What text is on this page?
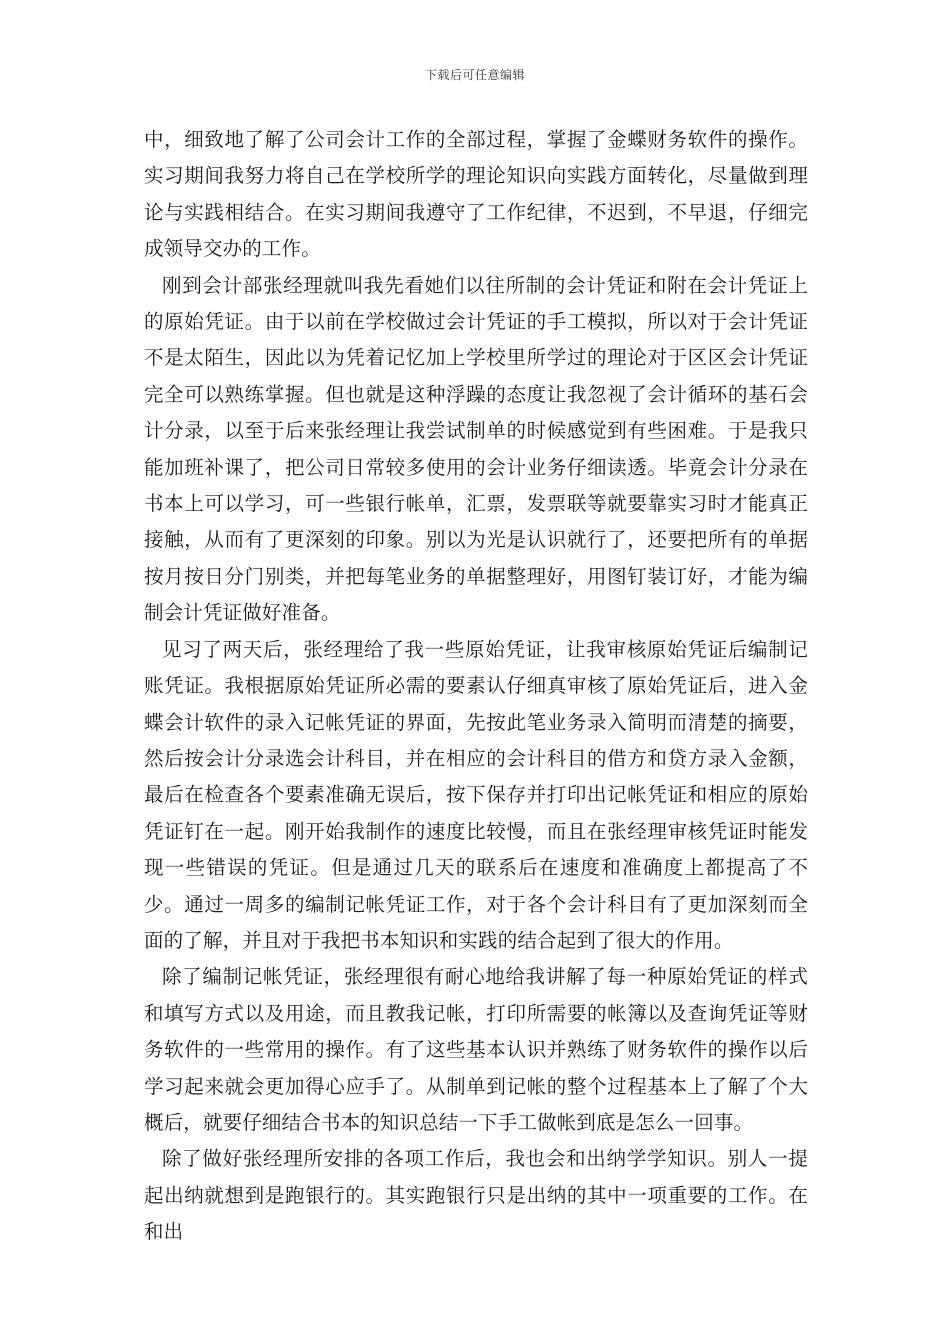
下载后可任意编辑

中，细致地了解了公司会计工作的全部过程，掌握了金蝶财务软件的操作。实习期间我努力将自己在学校所学的理论知识向实践方面转化，尽量做到理论与实践相结合。在实习期间我遵守了工作纪律，不迟到，不早退，仔细完成领导交办的工作。

刚到会计部张经理就叫我先看她们以往所制的会计凭证和附在会计凭证上的原始凭证。由于以前在学校做过会计凭证的手工模拟，所以对于会计凭证不是太陌生，因此以为凭着记忆加上学校里所学过的理论对于区区会计凭证完全可以熟练掌握。但也就是这种浮躁的态度让我忽视了会计循环的基石会计分录，以至于后来张经理让我尝试制单的时候感觉到有些困难。于是我只能加班补课了，把公司日常较多使用的会计业务仔细读透。毕竟会计分录在书本上可以学习，可一些银行帐单，汇票，发票联等就要靠实习时才能真正接触，从而有了更深刻的印象。别以为光是认识就行了，还要把所有的单据按月按日分门别类，并把每笔业务的单据整理好，用图钉装订好，才能为编制会计凭证做好准备。

见习了两天后，张经理给了我一些原始凭证，让我审核原始凭证后编制记账凭证。我根据原始凭证所必需的要素认仔细真审核了原始凭证后，进入金蝶会计软件的录入记帐凭证的界面，先按此笔业务录入简明而清楚的摘要，然后按会计分录选会计科目，并在相应的会计科目的借方和贷方录入金额，最后在检查各个要素准确无误后，按下保存并打印出记帐凭证和相应的原始凭证钉在一起。刚开始我制作的速度比较慢，而且在张经理审核凭证时能发现一些错误的凭证。但是通过几天的联系后在速度和准确度上都提高了不少。通过一周多的编制记帐凭证工作，对于各个会计科目有了更加深刻而全面的了解，并且对于我把书本知识和实践的结合起到了很大的作用。

除了编制记帐凭证，张经理很有耐心地给我讲解了每一种原始凭证的样式和填写方式以及用途，而且教我记帐，打印所需要的帐簿以及查询凭证等财务软件的一些常用的操作。有了这些基本认识并熟练了财务软件的操作以后学习起来就会更加得心应手了。从制单到记帐的整个过程基本上了解了个大概后，就要仔细结合书本的知识总结一下手工做帐到底是怎么一回事。

除了做好张经理所安排的各项工作后，我也会和出纳学学知识。别人一提起出纳就想到是跑银行的。其实跑银行只是出纳的其中一项重要的工作。在和出
